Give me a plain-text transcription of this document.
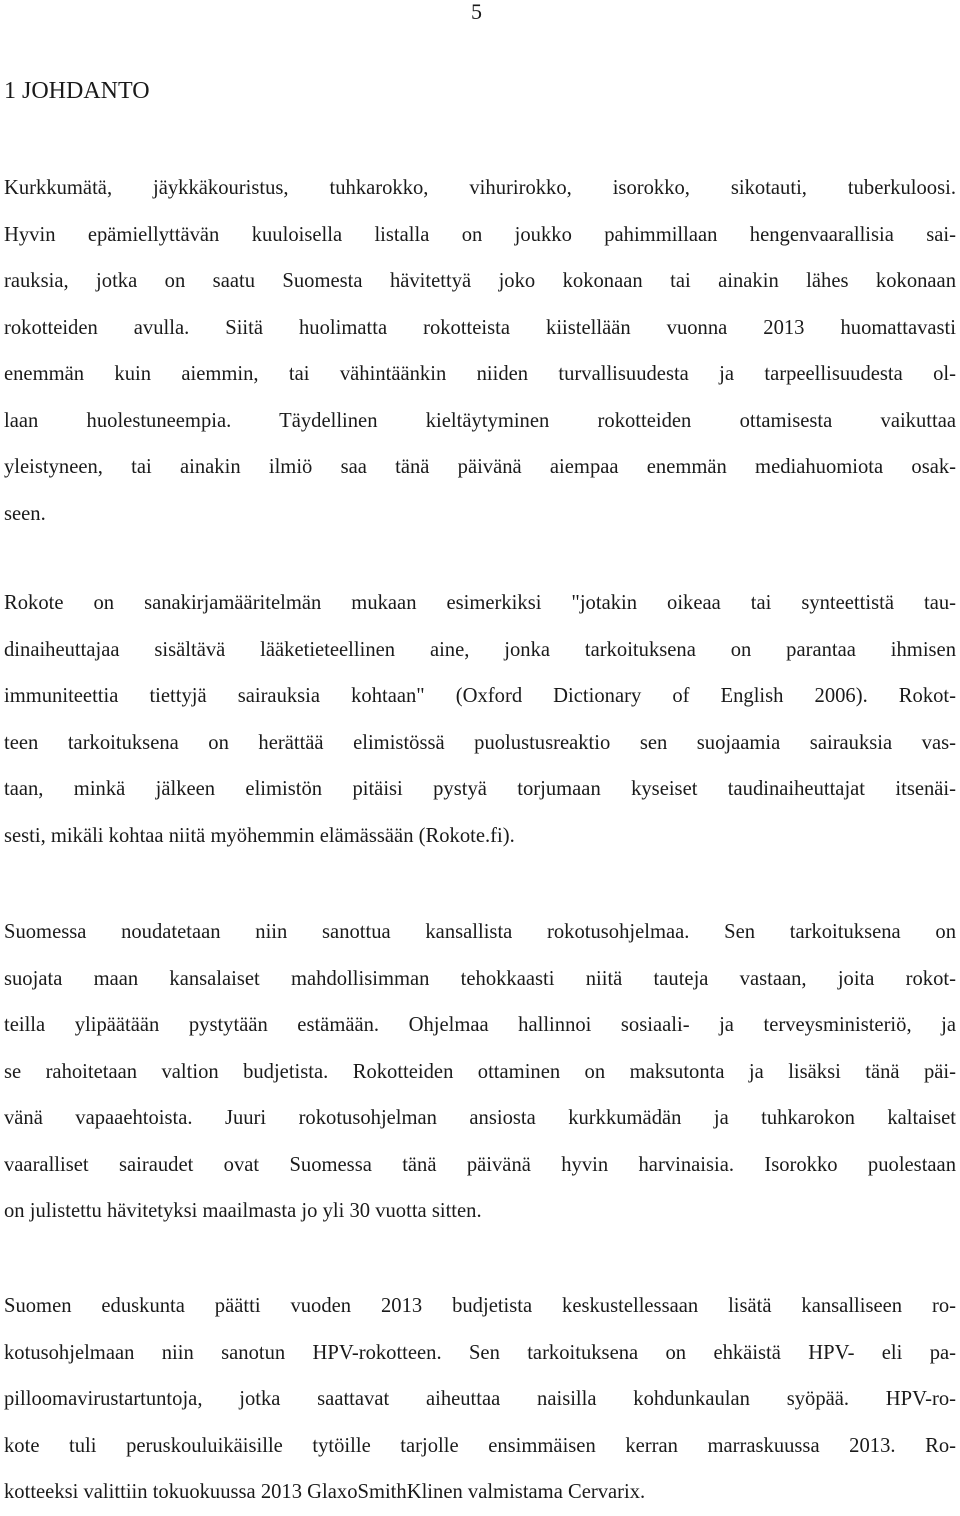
5
1 JOHDANTO
Kurkkumätä, jäykkäkouristus, tuhkarokko, vihurirokko, isorokko, sikotauti, tuberkuloosi.
Hyvin epämiellyttävän kuuloisella listalla on joukko pahimmillaan hengenvaarallisia sai-
rauksia, jotka on saatu Suomesta hävitettyä joko kokonaan tai ainakin lähes kokonaan
rokotteiden avulla. Siitä huolimatta rokotteista kiistellään vuonna 2013 huomattavasti
enemmän kuin aiemmin, tai vähintäänkin niiden turvallisuudesta ja tarpeellisuudesta ol-
laan huolestuneempia. Täydellinen kieltäytyminen rokotteiden ottamisesta vaikuttaa
yleistyneen, tai ainakin ilmiö saa tänä päivänä aiempaa enemmän mediahuomiota osak-
seen.
Rokote on sanakirjamääritelmän mukaan esimerkiksi "jotakin oikeaa tai synteettistä tau-
dinaiheuttajaa sisältävä lääketieteellinen aine, jonka tarkoituksena on parantaa ihmisen
immuniteettia tiettyjä sairauksia kohtaan" (Oxford Dictionary of English 2006). Rokot-
teen tarkoituksena on herättää elimistössä puolustusreaktio sen suojaamia sairauksia vas-
taan, minkä jälkeen elimistön pitäisi pystyä torjumaan kyseiset taudinaiheuttajat itsenäi-
sesti, mikäli kohtaa niitä myöhemmin elämässään (Rokote.fi).
Suomessa noudatetaan niin sanottua kansallista rokotusohjelmaa. Sen tarkoituksena on
suojata maan kansalaiset mahdollisimman tehokkaasti niitä tauteja vastaan, joita rokot-
teilla ylipäätään pystytään estämään. Ohjelmaa hallinnoi sosiaali- ja terveysministeriö, ja
se rahoitetaan valtion budjetista. Rokotteiden ottaminen on maksutonta ja lisäksi tänä päi-
vänä vapaaehtoista. Juuri rokotusohjelman ansiosta kurkkumädän ja tuhkarokon kaltaiset
vaaralliset sairaudet ovat Suomessa tänä päivänä hyvin harvinaisia. Isorokko puolestaan
on julistettu hävitetyksi maailmasta jo yli 30 vuotta sitten.
Suomen eduskunta päätti vuoden 2013 budjetista keskustellessaan lisätä kansalliseen ro-
kotusohjelmaan niin sanotun HPV-rokotteen. Sen tarkoituksena on ehkäistä HPV- eli pa-
pilloomavirustartuntoja, jotka saattavat aiheuttaa naisilla kohdunkaulan syöpää. HPV-ro-
kote tuli peruskouluikäisille tytöille tarjolle ensimmäisen kerran marraskuussa 2013. Ro-
kotteeksi valittiin tokuokuussa 2013 GlaxoSmithKlinen valmistama Cervarix.
